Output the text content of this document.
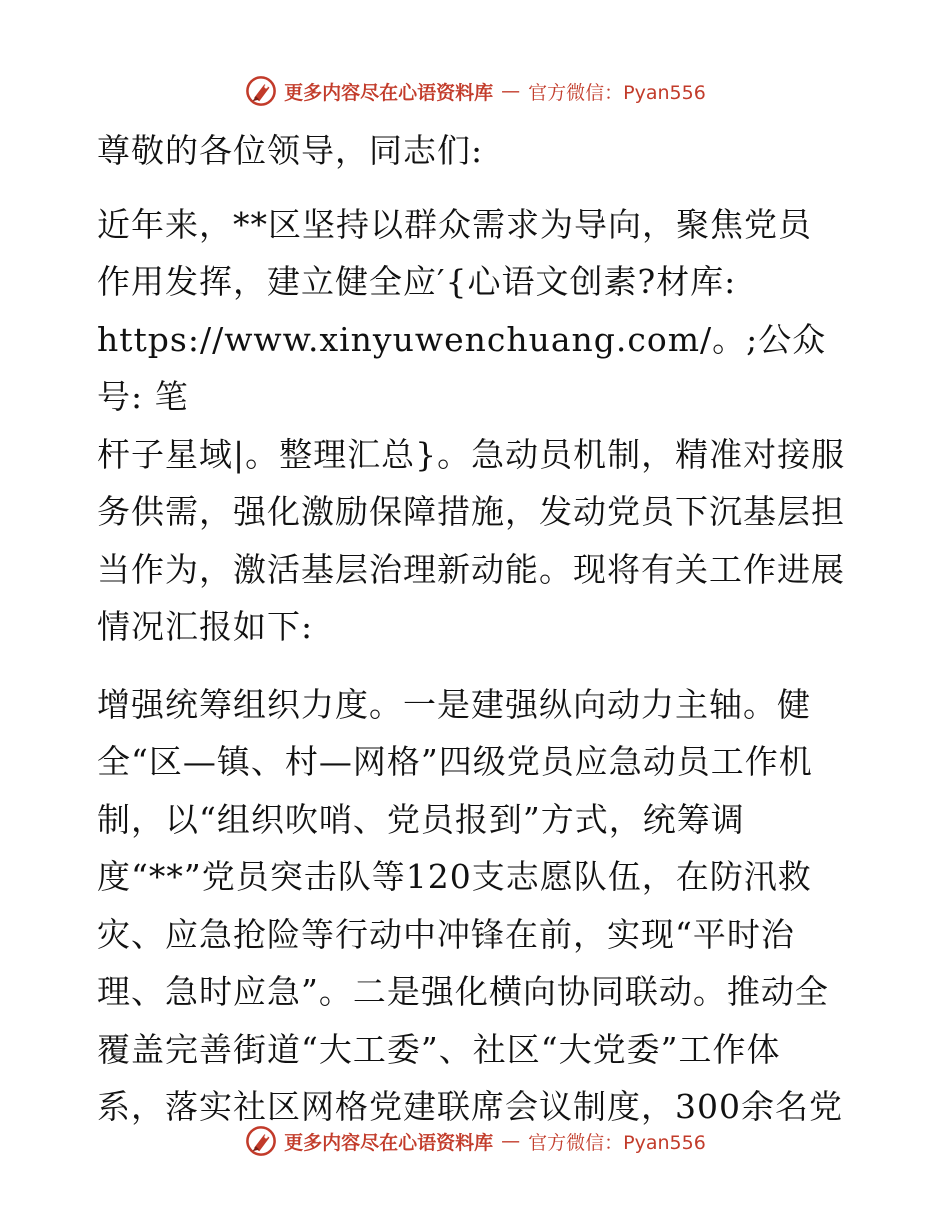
更多内容尽在心语资料库 — 官方微信：Pyan556

尊敬的各位领导，同志们:

近年来，**区坚持以群众需求为导向，聚焦党员
作用发挥，建立健全应′{心语文创素?材库:
https://www.xinyuwenchuang.com/。;公众号: 笔
杆子星域|。整理汇总}。急动员机制，精准对接服
务供需，强化激励保障措施，发动党员下沉基层担
当作为，激活基层治理新动能。现将有关工作进展
情况汇报如下:

增强统筹组织力度。一是建强纵向动力主轴。健
全“区—镇、村—网格”四级党员应急动员工作机
制，以“组织吹哨、党员报到”方式，统筹调
度“**”党员突击队等120支志愿队伍，在防汛救
灾、应急抢险等行动中冲锋在前，实现“平时治
理、急时应急”。二是强化横向协同联动。推动全
覆盖完善街道“大工委”、社区“大党委”工作体
系，落实社区网格党建联席会议制度，300余名党

更多内容尽在心语资料库 — 官方微信：Pyan556
